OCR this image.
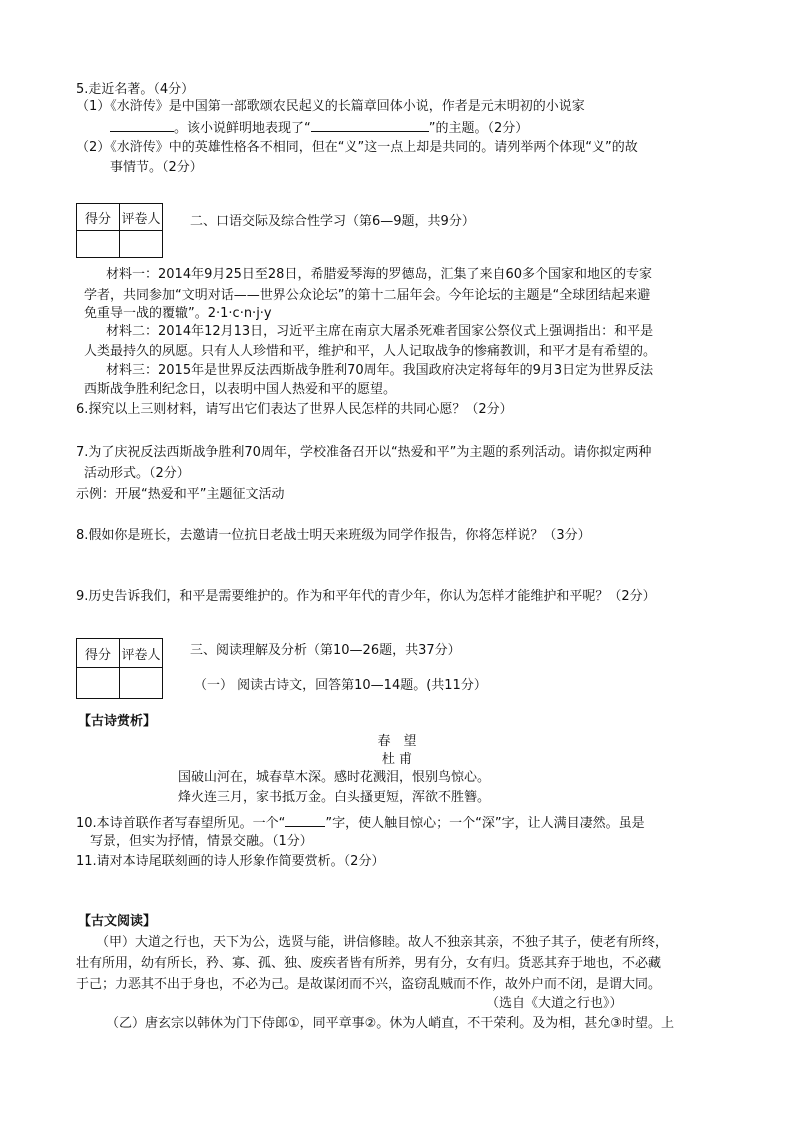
5.走近名著。（4分）
（1）《水浒传》是中国第一部歌颂农民起义的长篇章回体小说，作者是元末明初的小说家
。该小说鲜明地表现了“	”的主题。（2分）
（2）《水浒传》中的英雄性格各不相同，但在“义”这一点上却是共同的。请列举两个体现“义”的故
事情节。（2分）
得分	评卷人
	二、口语交际及综合性学习（第6—9题，共9分）
材料一：2014年9月25日至28日，希腊爱琴海的罗德岛，汇集了来自60多个国家和地区的专家
学者，共同参加“文明对话——世界公众论坛”的第十二届年会。今年论坛的主题是“全球团结起来避
免重导一战的覆辙”。2·1·c·n·j·y
材料二：2014年12月13日，习近平主席在南京大屠杀死难者国家公祭仪式上强调指出：和平是
人类最持久的夙愿。只有人人珍惜和平，维护和平，人人记取战争的惨痛教训，和平才是有希望的。
材料三：2015年是世界反法西斯战争胜利70周年。我国政府决定将每年的9月3日定为世界反法
西斯战争胜利纪念日，以表明中国人热爱和平的愿望。
6.探究以上三则材料，请写出它们表达了世界人民怎样的共同心愿？（2分）
7.为了庆祝反法西斯战争胜利70周年，学校准备召开以“热爱和平”为主题的系列活动。请你拟定两种
活动形式。（2分）
示例：开展“热爱和平”主题征文活动
8.假如你是班长，去邀请一位抗日老战士明天来班级为同学作报告，你将怎样说？（3分）
9.历史告诉我们，和平是需要维护的。作为和平年代的青少年，你认为怎样才能维护和平呢？（2分）
得分	评卷人
	三、阅读理解及分析（第10—26题，共37分）
（一） 阅读古诗文，回答第10—14题。(共11分）
【古诗赏析】
春　望
杜 甫
国破山河在，城春草木深。感时花溅泪，恨别鸟惊心。
烽火连三月，家书抵万金。白头搔更短，浑欲不胜簪。
10.本诗首联作者写春望所见。一个“	”字，使人触目惊心；一个“深”字，让人满目凄然。虽是
写景，但实为抒情，情景交融。（1分）
11.请对本诗尾联刻画的诗人形象作简要赏析。（2分）
【古文阅读】
（甲）大道之行也，天下为公，选贤与能，讲信修睦。故人不独亲其亲，不独子其子，使老有所终，
壮有所用，幼有所长，矜、寡、孤、独、废疾者皆有所养，男有分，女有归。货恶其弃于地也，不必藏
于己；力恶其不出于身也，不必为己。是故谋闭而不兴，盗窃乱贼而不作，故外户而不闭，是谓大同。
（选自《大道之行也》）
（乙）唐玄宗以韩休为门下侍郎①，同平章事②。休为人峭直，不干荣利。及为相，甚允③时望。上
